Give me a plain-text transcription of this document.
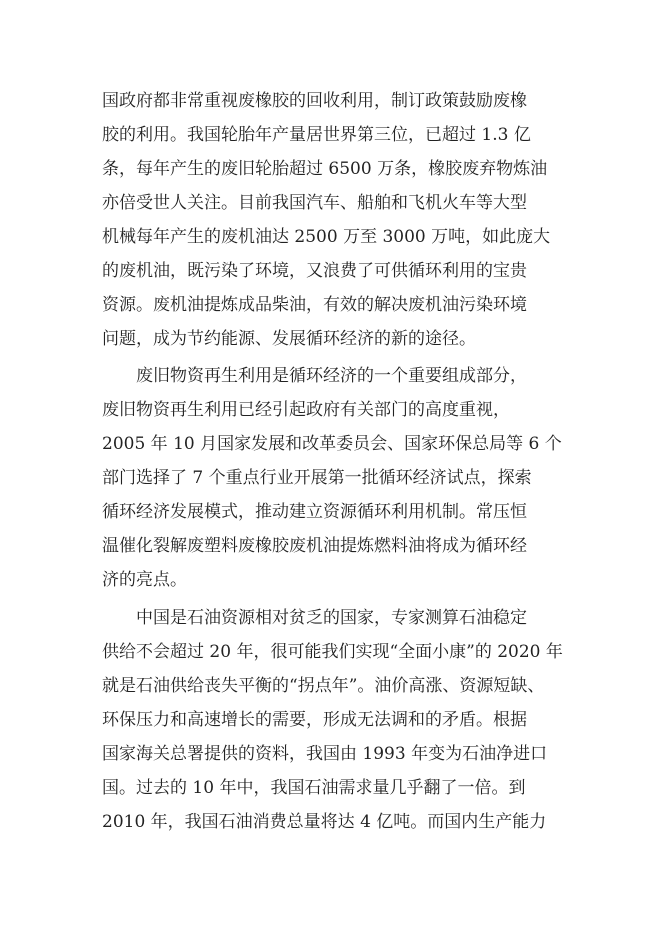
国政府都非常重视废橡胶的回收利用，制订政策鼓励废橡
胶的利用。我国轮胎年产量居世界第三位，已超过 1.3 亿
条，每年产生的废旧轮胎超过 6500 万条，橡胶废弃物炼油
亦倍受世人关注。目前我国汽车、船舶和飞机火车等大型
机械每年产生的废机油达 2500 万至 3000 万吨，如此庞大
的废机油，既污染了环境，又浪费了可供循环利用的宝贵
资源。废机油提炼成品柴油，有效的解决废机油污染环境
问题，成为节约能源、发展循环经济的新的途径。
废旧物资再生利用是循环经济的一个重要组成部分，
废旧物资再生利用已经引起政府有关部门的高度重视，
2005 年 10 月国家发展和改革委员会、国家环保总局等 6 个
部门选择了 7 个重点行业开展第一批循环经济试点，探索
循环经济发展模式，推动建立资源循环利用机制。常压恒
温催化裂解废塑料废橡胶废机油提炼燃料油将成为循环经
济的亮点。
中国是石油资源相对贫乏的国家，专家测算石油稳定
供给不会超过 20 年，很可能我们实现“全面小康”的 2020 年
就是石油供给丧失平衡的“拐点年”。油价高涨、资源短缺、
环保压力和高速增长的需要，形成无法调和的矛盾。根据
国家海关总署提供的资料，我国由 1993 年变为石油净进口
国。过去的 10 年中，我国石油需求量几乎翻了一倍。到
2010 年，我国石油消费总量将达 4 亿吨。而国内生产能力
